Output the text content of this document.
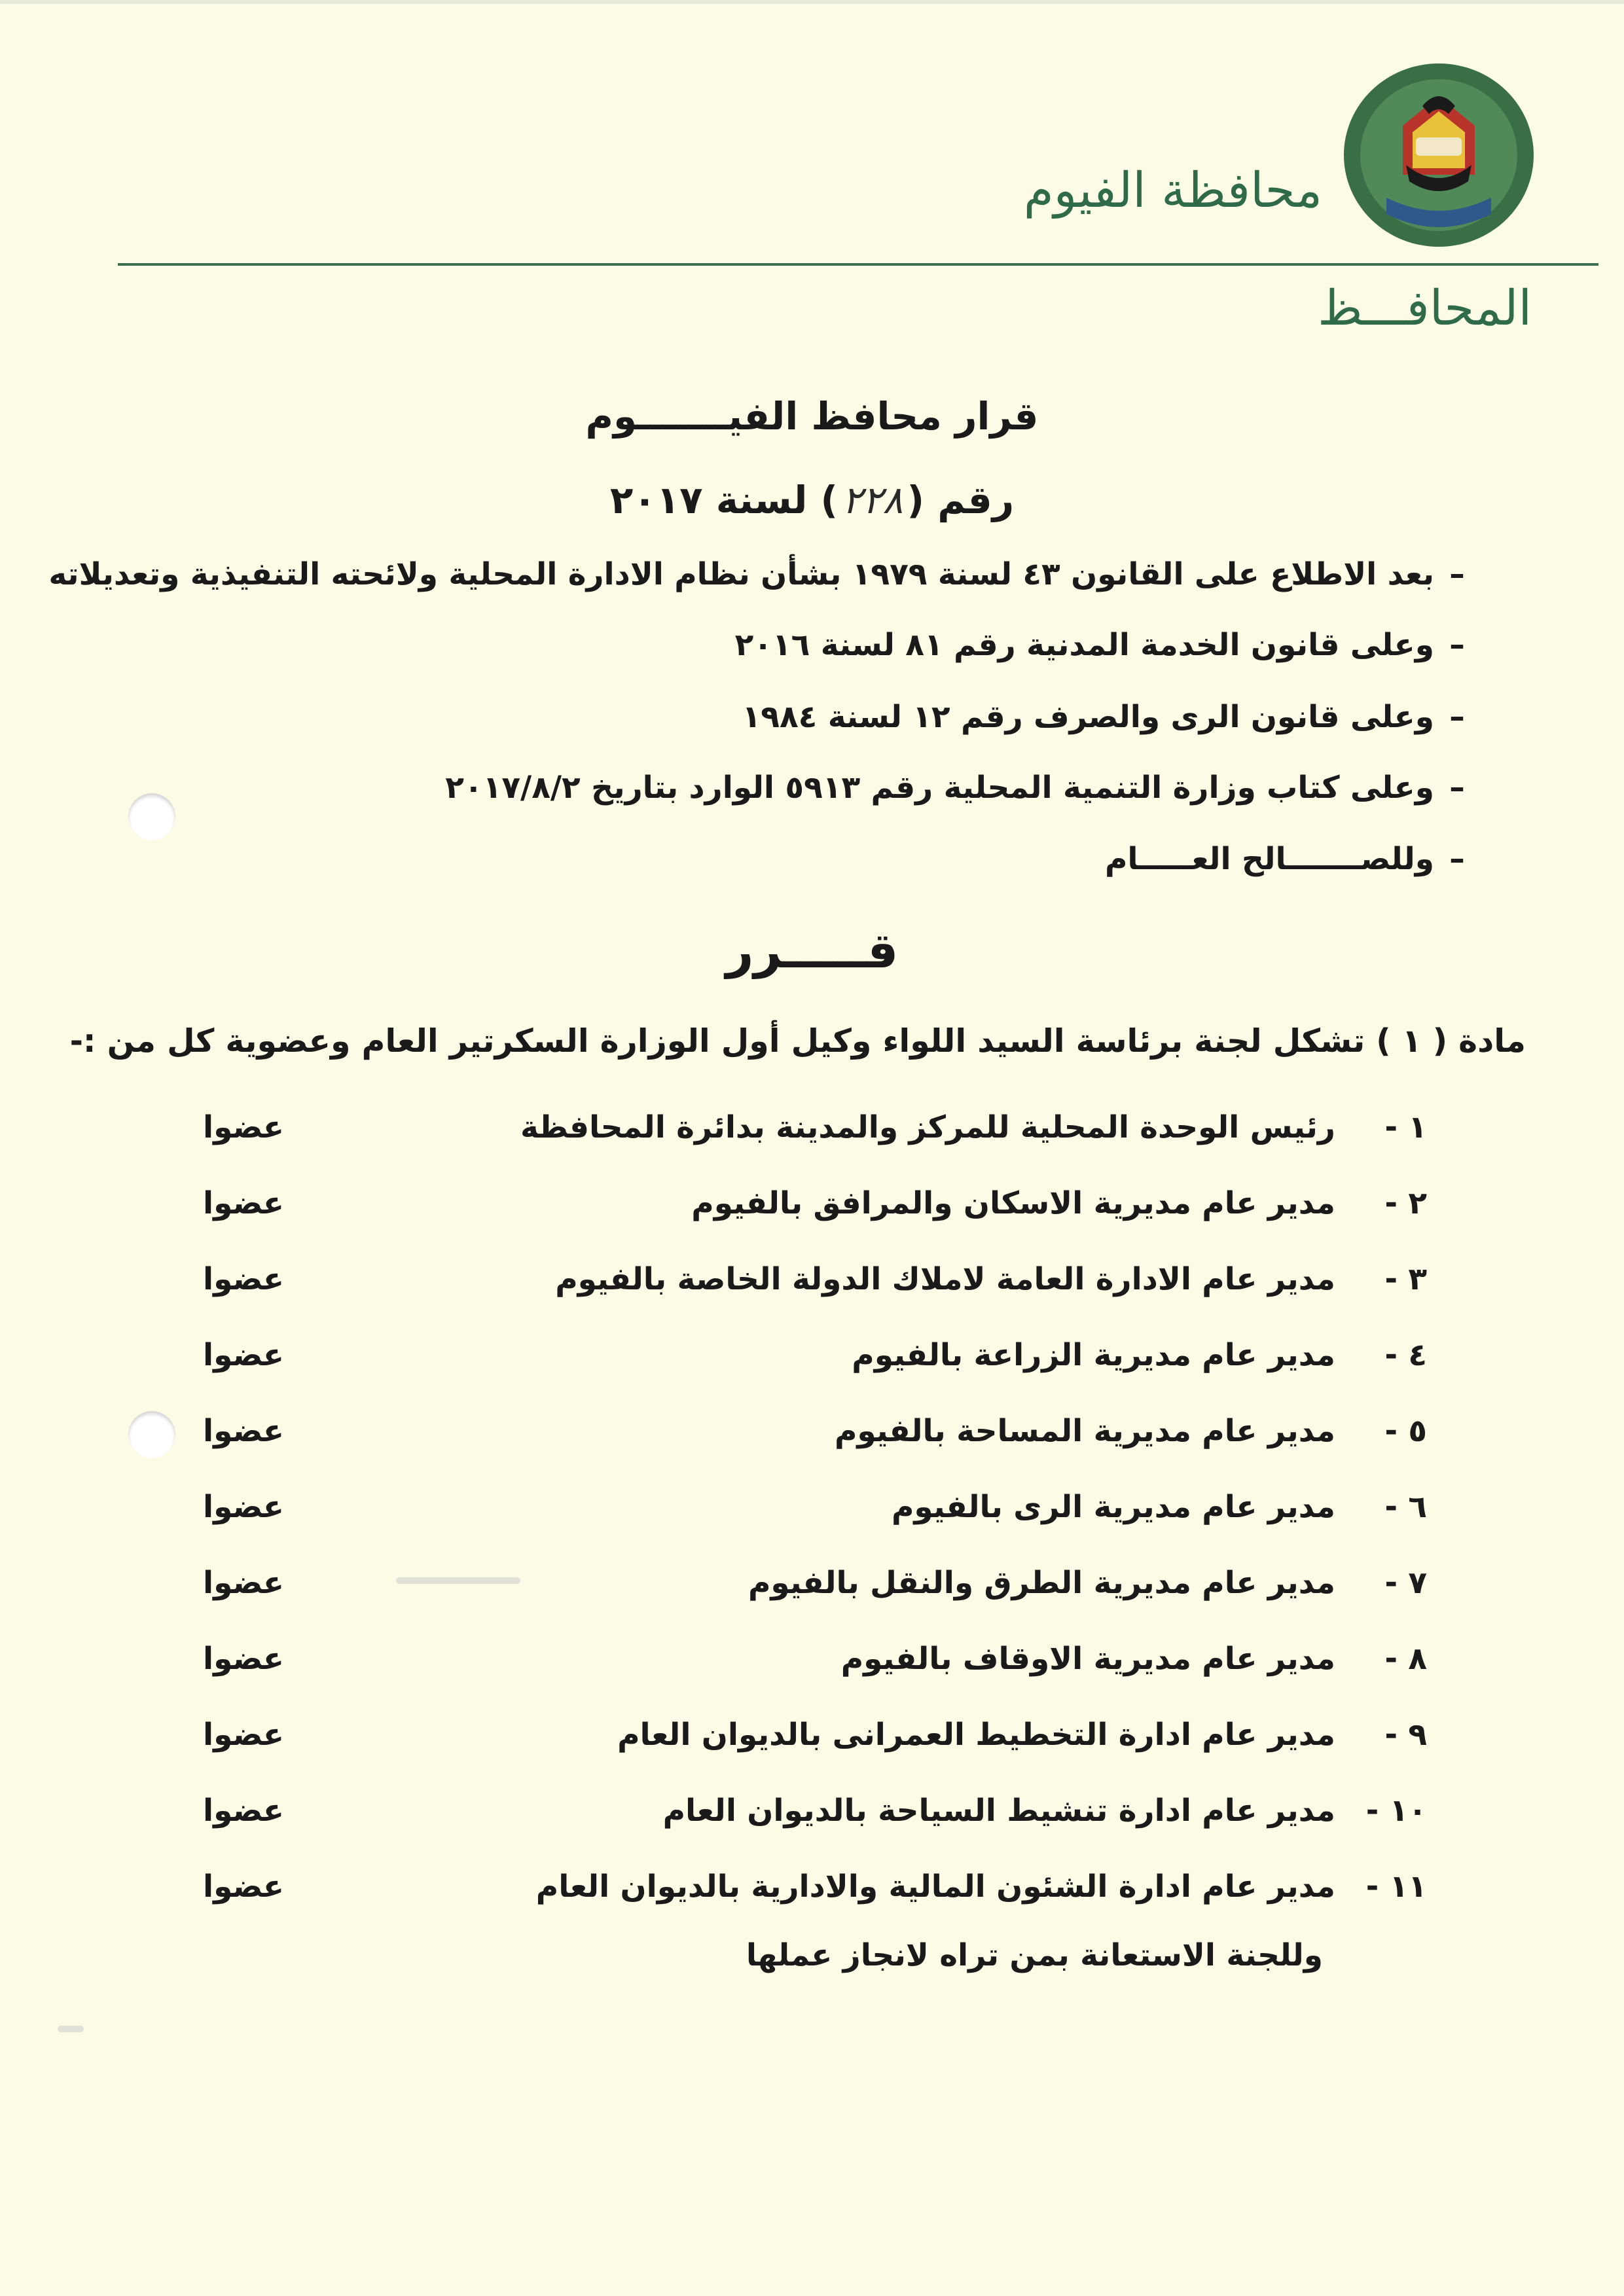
محافظة الفيوم
المحافـــظ
قرار محافظ الفيـــــــوم
رقم (٢٢٨) لسنة ٢٠١٧
–بعد الاطلاع على القانون ٤٣ لسنة ١٩٧٩ بشأن نظام الادارة المحلية ولائحته التنفيذية وتعديلاته
–وعلى قانون الخدمة المدنية رقم ٨١ لسنة ٢٠١٦
–وعلى قانون الرى والصرف رقم ١٢ لسنة ١٩٨٤
–وعلى كتاب وزارة التنمية المحلية رقم ٥٩١٣ الوارد بتاريخ ٢٠١٧/٨/٢
–وللصـــــــالح العـــــام
قـــــرر
مادة ( ١ ) تشكل لجنة برئاسة السيد اللواء وكيل أول الوزارة السكرتير العام وعضوية كل من :-
١ -رئيس الوحدة المحلية للمركز والمدينة بدائرة المحافظة
عضوا
٢ -مدير عام مديرية الاسكان والمرافق بالفيوم
عضوا
٣ -مدير عام الادارة العامة لاملاك الدولة الخاصة بالفيوم
عضوا
٤ -مدير عام مديرية الزراعة بالفيوم
عضوا
٥ -مدير عام مديرية المساحة بالفيوم
عضوا
٦ -مدير عام مديرية الرى بالفيوم
عضوا
٧ -مدير عام مديرية الطرق والنقل بالفيوم
عضوا
٨ -مدير عام مديرية الاوقاف بالفيوم
عضوا
٩ -مدير عام ادارة التخطيط العمرانى بالديوان العام
عضوا
١٠ -مدير عام ادارة تنشيط السياحة بالديوان العام
عضوا
١١ -مدير عام ادارة الشئون المالية والادارية بالديوان العام
عضوا
وللجنة الاستعانة بمن تراه لانجاز عملها
